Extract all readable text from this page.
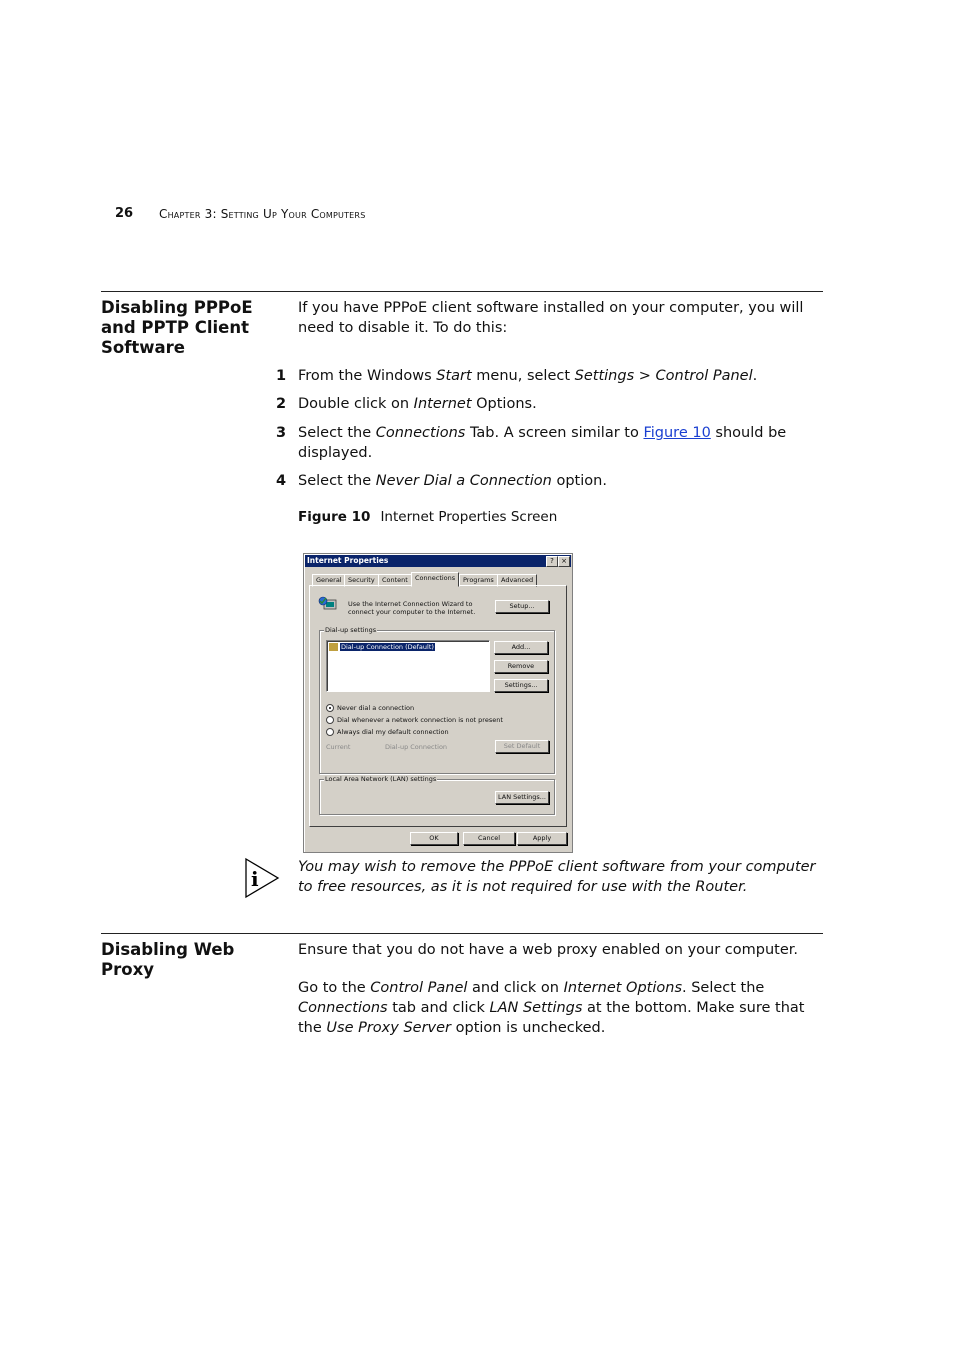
26 Chapter 3: Setting Up Your Computers
Disabling PPPoE and PPTP Client Software
If you have PPPoE client software installed on your computer, you will need to disable it. To do this:
1 From the Windows Start menu, select Settings > Control Panel.
2 Double click on Internet Options.
3 Select the Connections Tab. A screen similar to Figure 10 should be displayed.
4 Select the Never Dial a Connection option.
Figure 10 Internet Properties Screen
Internet Properties	?	×
General Security	Content	Connections	Programs	Advanced
Use the Internet Connection Wizard to
connect your computer to the Internet.
Setup...
Dial-up settings
Dial-up Connection (Default)	Add...
Remove
Settings...
Never dial a connection
Dial whenever a network connection is not present
Always dial my default connection
Current	Dial-up Connection	Set Default
Local Area Network (LAN) settings
LAN Settings...
OK	Cancel	Apply
i	You may wish to remove the PPPoE client software from your computer to free resources, as it is not required for use with the Router.
Disabling Web Proxy
Ensure that you do not have a web proxy enabled on your computer.
Go to the Control Panel and click on Internet Options. Select the Connections tab and click LAN Settings at the bottom. Make sure that the Use Proxy Server option is unchecked.
